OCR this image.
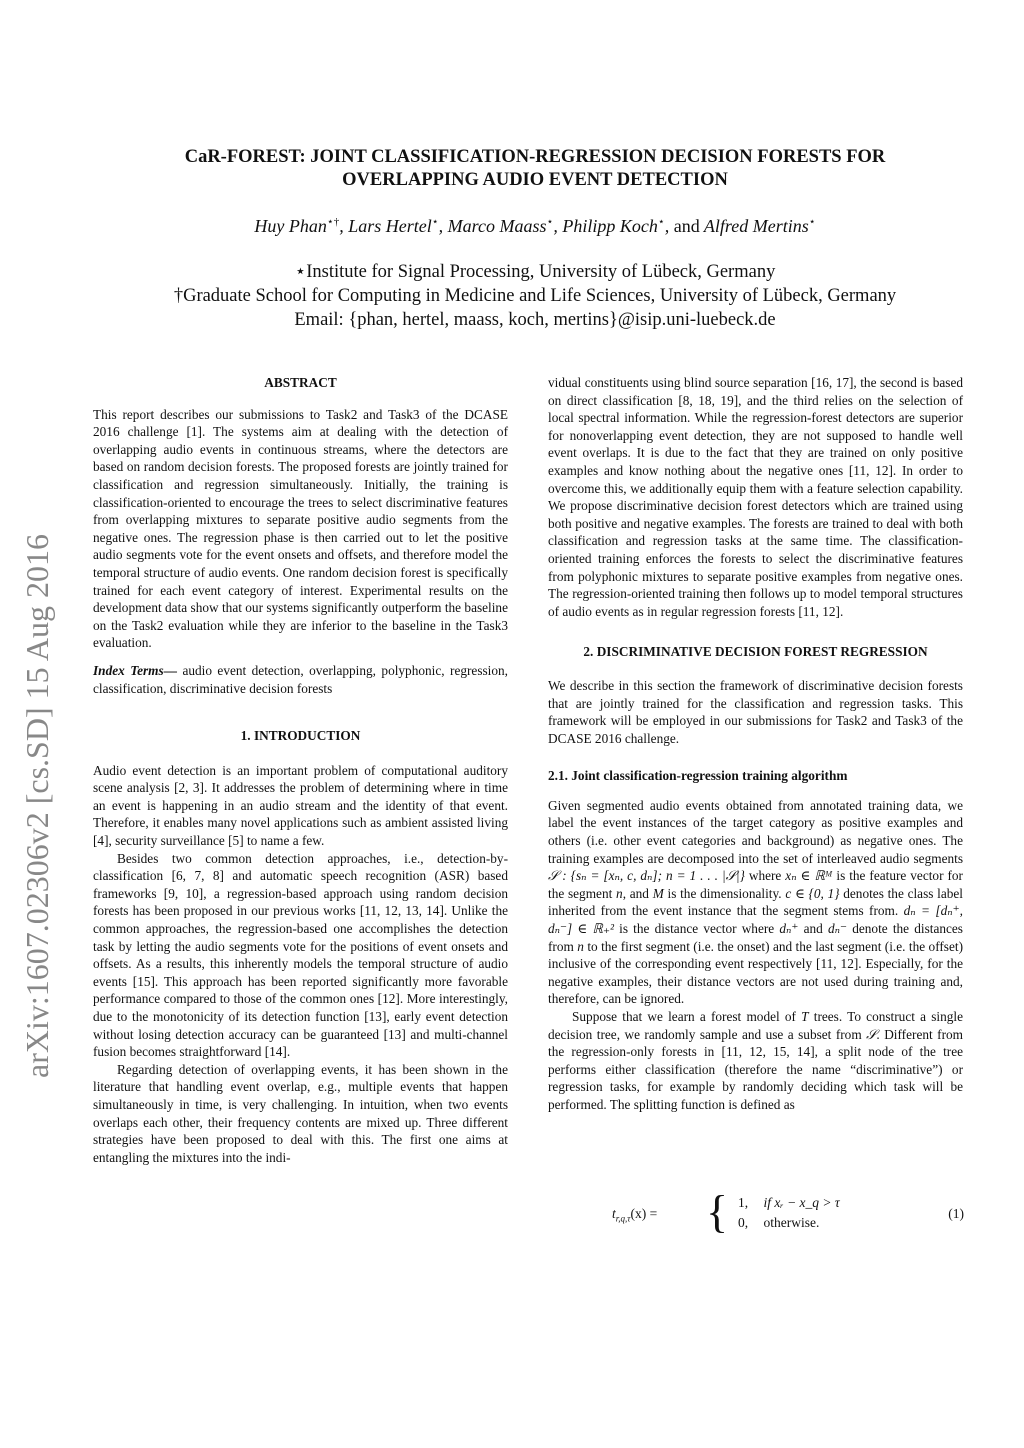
arXiv:1607.02306v2 [cs.SD] 15 Aug 2016
CaR-FOREST: JOINT CLASSIFICATION-REGRESSION DECISION FORESTS FOR
OVERLAPPING AUDIO EVENT DETECTION
Huy Phan⋆†, Lars Hertel⋆, Marco Maass⋆, Philipp Koch⋆, and Alfred Mertins⋆
⋆Institute for Signal Processing, University of Lübeck, Germany
†Graduate School for Computing in Medicine and Life Sciences, University of Lübeck, Germany
Email: {phan, hertel, maass, koch, mertins}@isip.uni-luebeck.de
ABSTRACT

This report describes our submissions to Task2 and Task3 of the DCASE 2016 challenge [1]. The systems aim at dealing with the detection of overlapping audio events in continuous streams, where the detectors are based on random decision forests. The proposed forests are jointly trained for classification and regression simultaneously. Initially, the training is classification-oriented to encourage the trees to select discriminative features from overlapping mixtures to separate positive audio segments from the negative ones. The regression phase is then carried out to let the positive audio segments vote for the event onsets and offsets, and therefore model the temporal structure of audio events. One random decision forest is specifically trained for each event category of interest. Experimental results on the development data show that our systems significantly outperform the baseline on the Task2 evaluation while they are inferior to the baseline in the Task3 evaluation.

Index Terms— audio event detection, overlapping, polyphonic, regression, classification, discriminative decision forests

1. INTRODUCTION

Audio event detection is an important problem of computational auditory scene analysis [2, 3]. It addresses the problem of determining where in time an event is happening in an audio stream and the identity of that event. Therefore, it enables many novel applications such as ambient assisted living [4], security surveillance [5] to name a few.

Besides two common detection approaches, i.e., detection-by-classification [6, 7, 8] and automatic speech recognition (ASR) based frameworks [9, 10], a regression-based approach using random decision forests has been proposed in our previous works [11, 12, 13, 14]. Unlike the common approaches, the regression-based one accomplishes the detection task by letting the audio segments vote for the positions of event onsets and offsets. As a results, this inherently models the temporal structure of audio events [15]. This approach has been reported significantly more favorable performance compared to those of the common ones [12]. More interestingly, due to the monotonicity of its detection function [13], early event detection without losing detection accuracy can be guaranteed [13] and multi-channel fusion becomes straightforward [14].

Regarding detection of overlapping events, it has been shown in the literature that handling event overlap, e.g., multiple events that happen simultaneously in time, is very challenging. In intuition, when two events overlaps each other, their frequency contents are mixed up. Three different strategies have been proposed to deal with this. The first one aims at entangling the mixtures into the indi-

vidual constituents using blind source separation [16, 17], the second is based on direct classification [8, 18, 19], and the third relies on the selection of local spectral information. While the regression-forest detectors are superior for nonoverlapping event detection, they are not supposed to handle well event overlaps. It is due to the fact that they are trained on only positive examples and know nothing about the negative ones [11, 12]. In order to overcome this, we additionally equip them with a feature selection capability. We propose discriminative decision forest detectors which are trained using both positive and negative examples. The forests are trained to deal with both classification and regression tasks at the same time. The classification-oriented training enforces the forests to select the discriminative features from polyphonic mixtures to separate positive examples from negative ones. The regression-oriented training then follows up to model temporal structures of audio events as in regular regression forests [11, 12].

2. DISCRIMINATIVE DECISION FOREST REGRESSION

We describe in this section the framework of discriminative decision forests that are jointly trained for the classification and regression tasks. This framework will be employed in our submissions for Task2 and Task3 of the DCASE 2016 challenge.

2.1. Joint classification-regression training algorithm

Given segmented audio events obtained from annotated training data, we label the event instances of the target category as positive examples and others (i.e. other event categories and background) as negative ones. The training examples are decomposed into the set of interleaved audio segments 𝒮 : {sₙ = [xₙ, c, dₙ]; n = 1 . . . |𝒮|} where xₙ ∈ ℝᴹ is the feature vector for the segment n, and M is the dimensionality. c ∈ {0, 1} denotes the class label inherited from the event instance that the segment stems from. dₙ = [dₙ⁺, dₙ⁻] ∈ ℝ₊² is the distance vector where dₙ⁺ and dₙ⁻ denote the distances from n to the first segment (i.e. the onset) and the last segment (i.e. the offset) inclusive of the corresponding event respectively [11, 12]. Especially, for the negative examples, their distance vectors are not used during training and, therefore, can be ignored.

Suppose that we learn a forest model of T trees. To construct a single decision tree, we randomly sample and use a subset from 𝒮. Different from the regression-only forests in [11, 12, 15, 14], a split node of the tree performs either classification (therefore the name “discriminative”) or regression tasks, for example by randomly deciding which task will be performed. The splitting function is defined as

$t_{r,q,\tau}(x)$ = { 1, if xᵣ − x_q > τ
0, otherwise.
(1)
